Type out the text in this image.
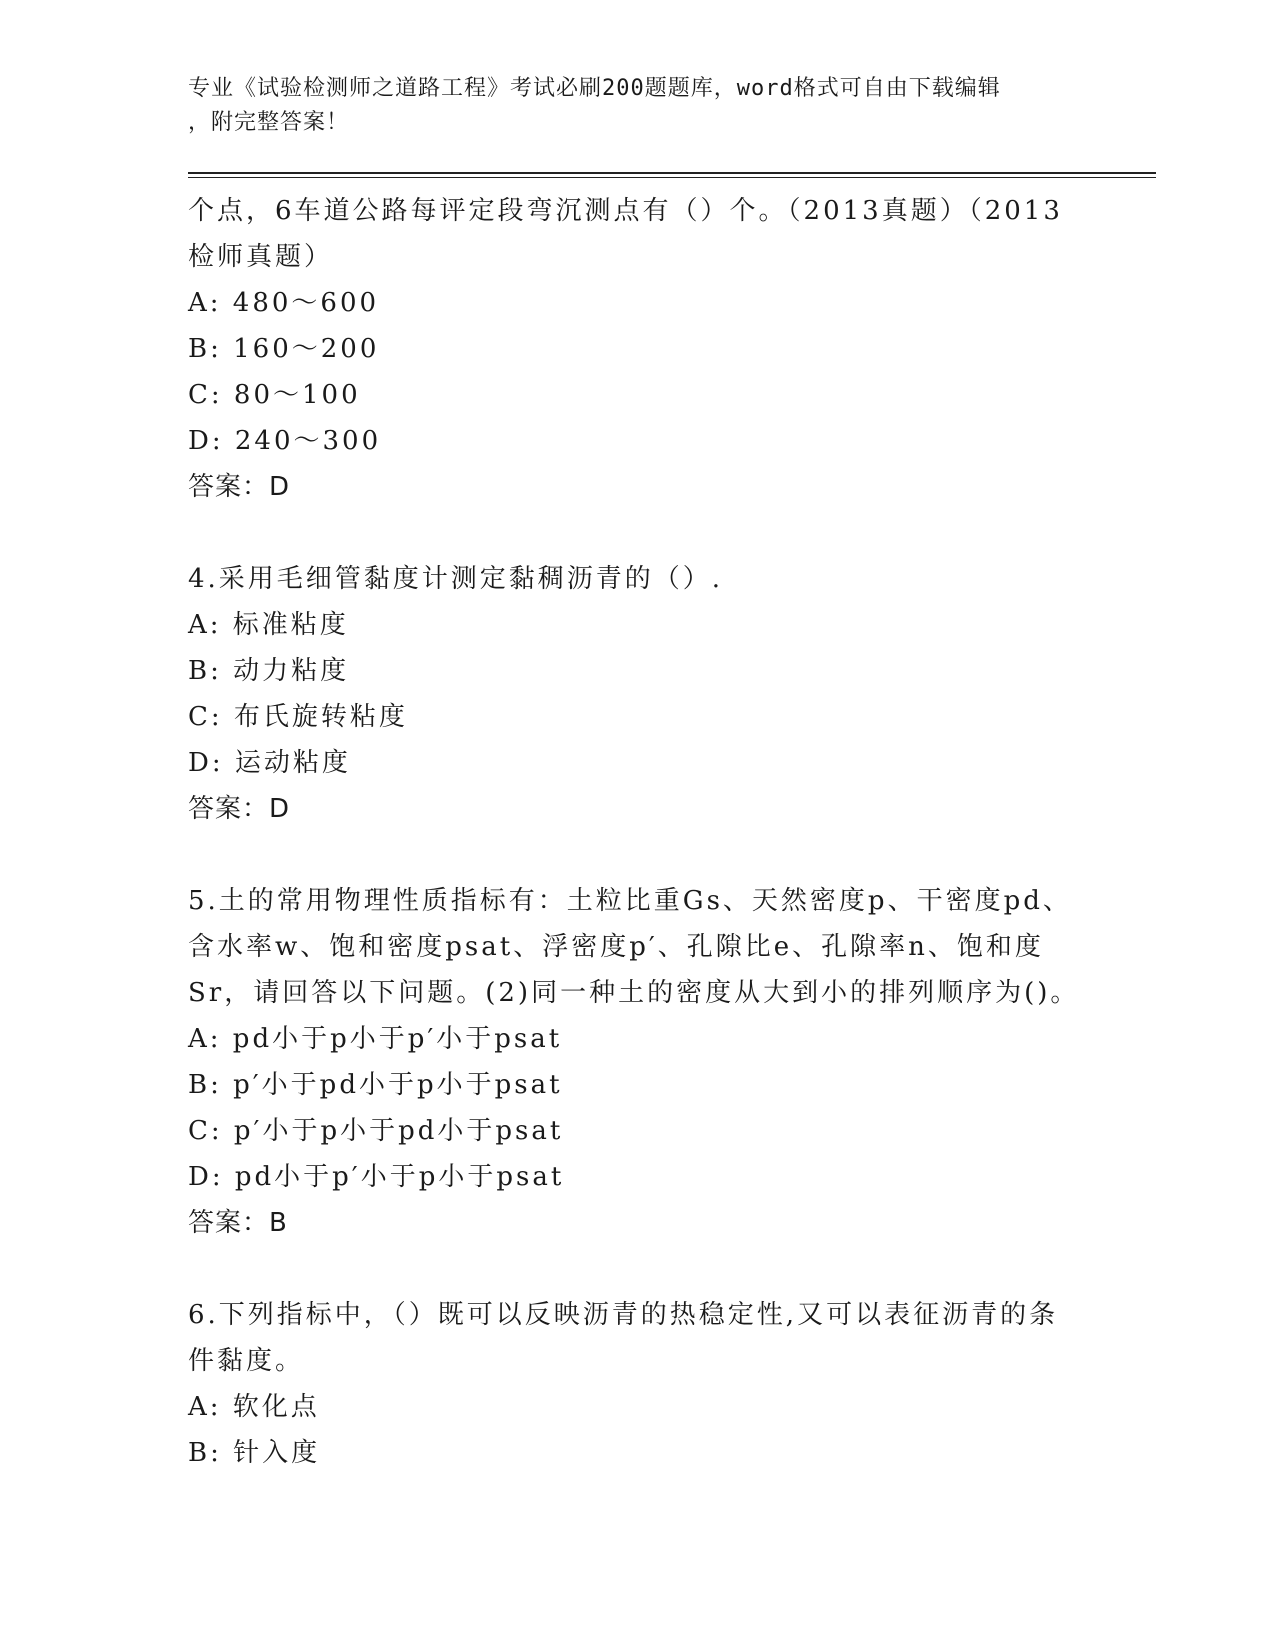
专业《试验检测师之道路工程》考试必刷200题题库，word格式可自由下载编辑
，附完整答案！
个点，6车道公路每评定段弯沉测点有（）个。（2013真题）（2013
检师真题）
A: 480～600
B: 160～200
C: 80～100
D: 240～300
答案：D
4.采用毛细管黏度计测定黏稠沥青的（）.
A: 标准粘度
B: 动力粘度
C: 布氏旋转粘度
D: 运动粘度
答案：D
5.土的常用物理性质指标有：土粒比重Gs、天然密度p、干密度pd、
含水率w、饱和密度psat、浮密度p′、孔隙比e、孔隙率n、饱和度
Sr，请回答以下问题。(2)同一种土的密度从大到小的排列顺序为()。
A: pd小于p小于p′小于psat
B: p′小于pd小于p小于psat
C: p′小于p小于pd小于psat
D: pd小于p′小于p小于psat
答案：B
6.下列指标中，（）既可以反映沥青的热稳定性,又可以表征沥青的条
件黏度。
A: 软化点
B: 针入度
